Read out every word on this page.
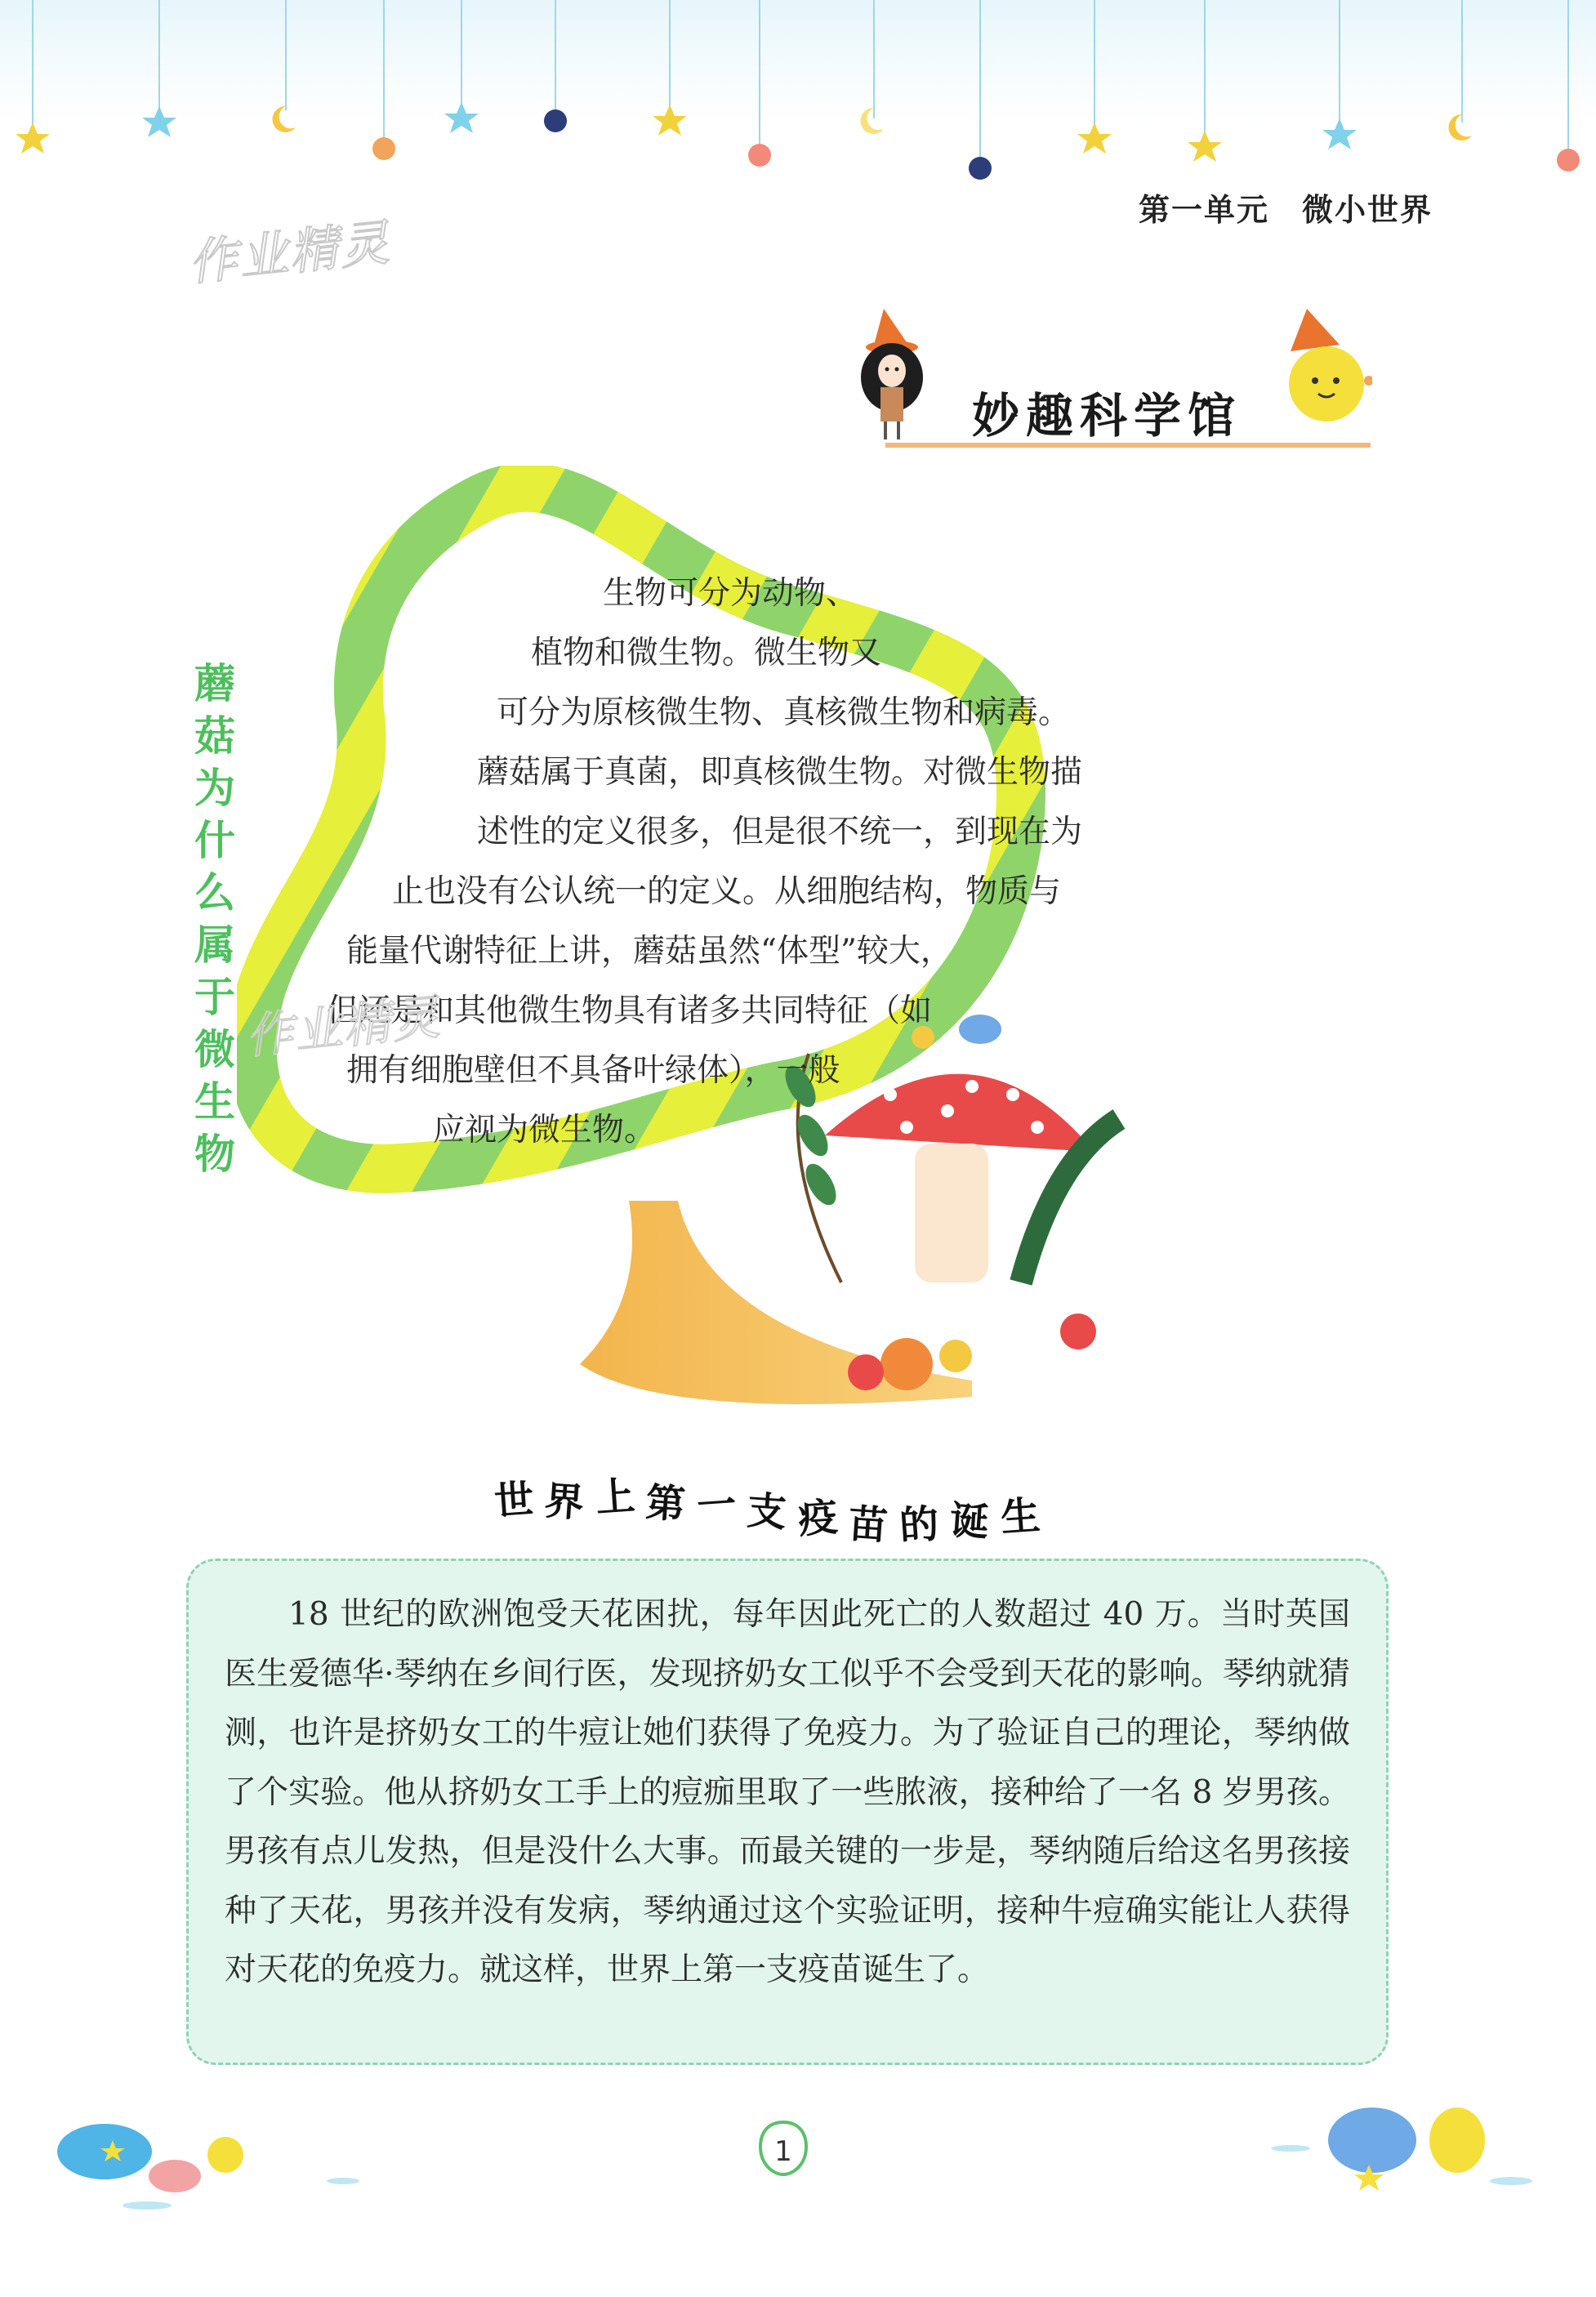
第一单元　微小世界
作业精灵
妙趣科学馆
蘑菇为什么属于微生物
生物可分为动物、
植物和微生物。微生物又
可分为原核微生物、真核微生物和病毒。
蘑菇属于真菌，即真核微生物。对微生物描
述性的定义很多，但是很不统一，到现在为
止也没有公认统一的定义。从细胞结构，物质与
能量代谢特征上讲，蘑菇虽然“体型”较大，
但还是和其他微生物具有诸多共同特征（如
拥有细胞壁但不具备叶绿体），一般
应视为微生物。
作业精灵
世 界 上 第 一 支 疫 苗 的 诞 生

18 世纪的欧洲饱受天花困扰，每年因此死亡的人数超过 40 万。当时英国医生爱德华·琴纳在乡间行医，发现挤奶女工似乎不会受到天花的影响。琴纳就猜测，也许是挤奶女工的牛痘让她们获得了免疫力。为了验证自己的理论，琴纳做了个实验。他从挤奶女工手上的痘痂里取了一些脓液，接种给了一名 8 岁男孩。男孩有点儿发热，但是没什么大事。而最关键的一步是，琴纳随后给这名男孩接种了天花，男孩并没有发病，琴纳通过这个实验证明，接种牛痘确实能让人获得对天花的免疫力。就这样，世界上第一支疫苗诞生了。

1
